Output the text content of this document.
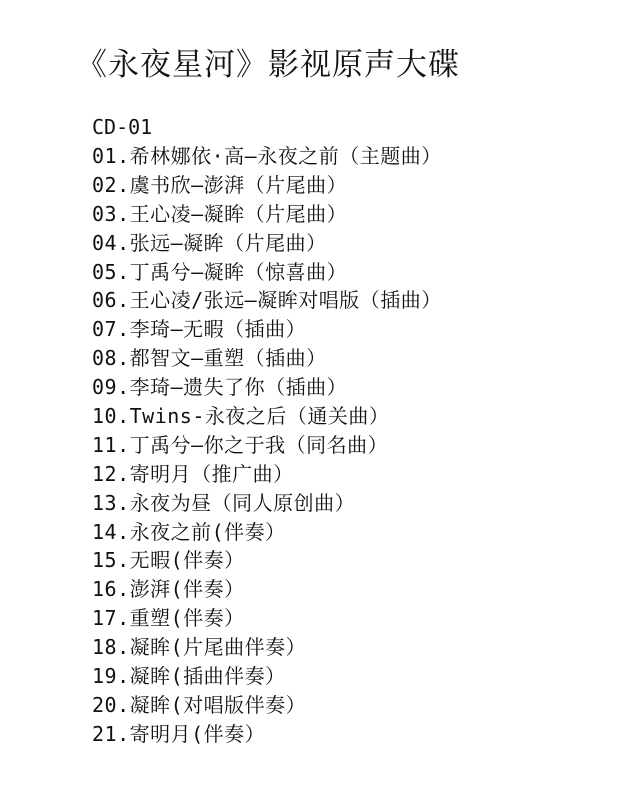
《永夜星河》影视原声大碟
CD-01
01.希林娜依·高—永夜之前（主题曲）
02.虞书欣—澎湃（片尾曲）
03.王心凌—凝眸（片尾曲）
04.张远—凝眸（片尾曲）
05.丁禹兮—凝眸（惊喜曲）
06.王心凌/张远—凝眸对唱版（插曲）
07.李琦—无暇（插曲）
08.都智文—重塑（插曲）
09.李琦—遗失了你（插曲）
10.Twins-永夜之后（通关曲）
11.丁禹兮—你之于我（同名曲）
12.寄明月（推广曲）
13.永夜为昼（同人原创曲）
14.永夜之前(伴奏）
15.无暇(伴奏）
16.澎湃(伴奏）
17.重塑(伴奏）
18.凝眸(片尾曲伴奏）
19.凝眸(插曲伴奏）
20.凝眸(对唱版伴奏）
21.寄明月(伴奏）
